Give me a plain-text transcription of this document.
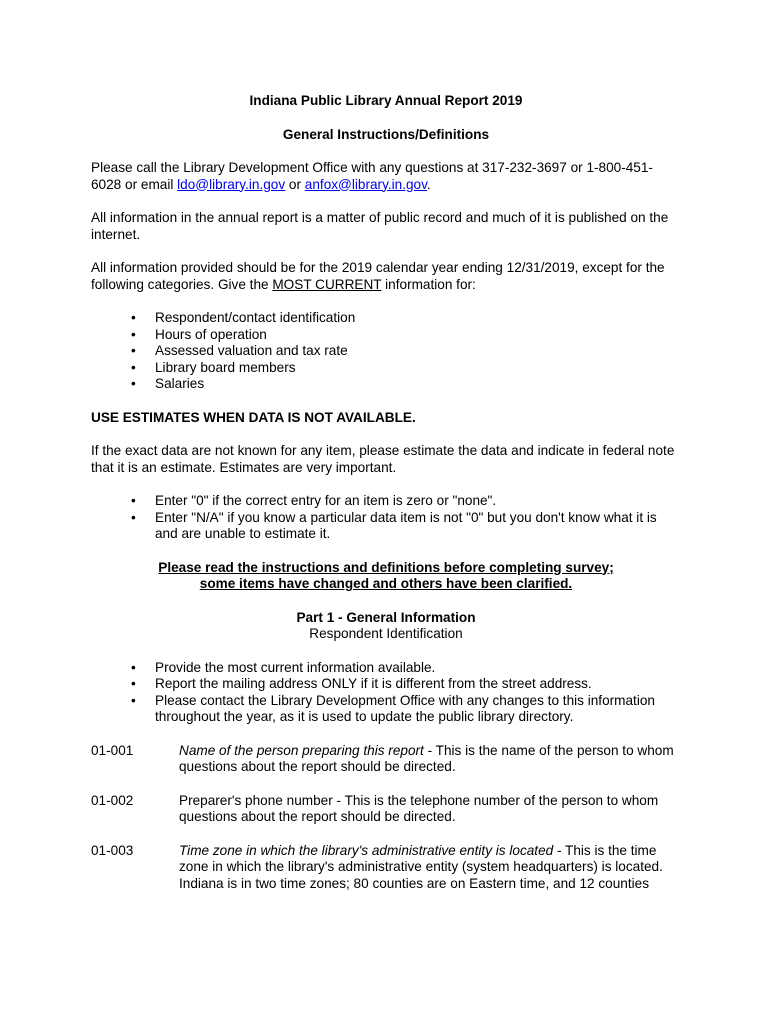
Indiana Public Library Annual Report 2019
General Instructions/Definitions

Please call the Library Development Office with any questions at 317-232-3697 or 1-800-451-6028 or email ldo@library.in.gov or anfox@library.in.gov.

All information in the annual report is a matter of public record and much of it is published on the internet.

All information provided should be for the 2019 calendar year ending 12/31/2019, except for the following categories. Give the MOST CURRENT information for:

• Respondent/contact identification
• Hours of operation
• Assessed valuation and tax rate
• Library board members
• Salaries

USE ESTIMATES WHEN DATA IS NOT AVAILABLE.

If the exact data are not known for any item, please estimate the data and indicate in federal note that it is an estimate. Estimates are very important.

• Enter "0" if the correct entry for an item is zero or "none".
• Enter "N/A" if you know a particular data item is not "0" but you don't know what it is and are unable to estimate it.
Please read the instructions and definitions before completing survey;
some items have changed and others have been clarified.
Part 1 - General Information
Respondent Identification
• Provide the most current information available.
• Report the mailing address ONLY if it is different from the street address.
• Please contact the Library Development Office with any changes to this information throughout the year, as it is used to update the public library directory.
01-001	Name of the person preparing this report - This is the name of the person to whom questions about the report should be directed.
01-002	Preparer's phone number - This is the telephone number of the person to whom questions about the report should be directed.
01-003	Time zone in which the library's administrative entity is located - This is the time zone in which the library's administrative entity (system headquarters) is located. Indiana is in two time zones; 80 counties are on Eastern time, and 12 counties
